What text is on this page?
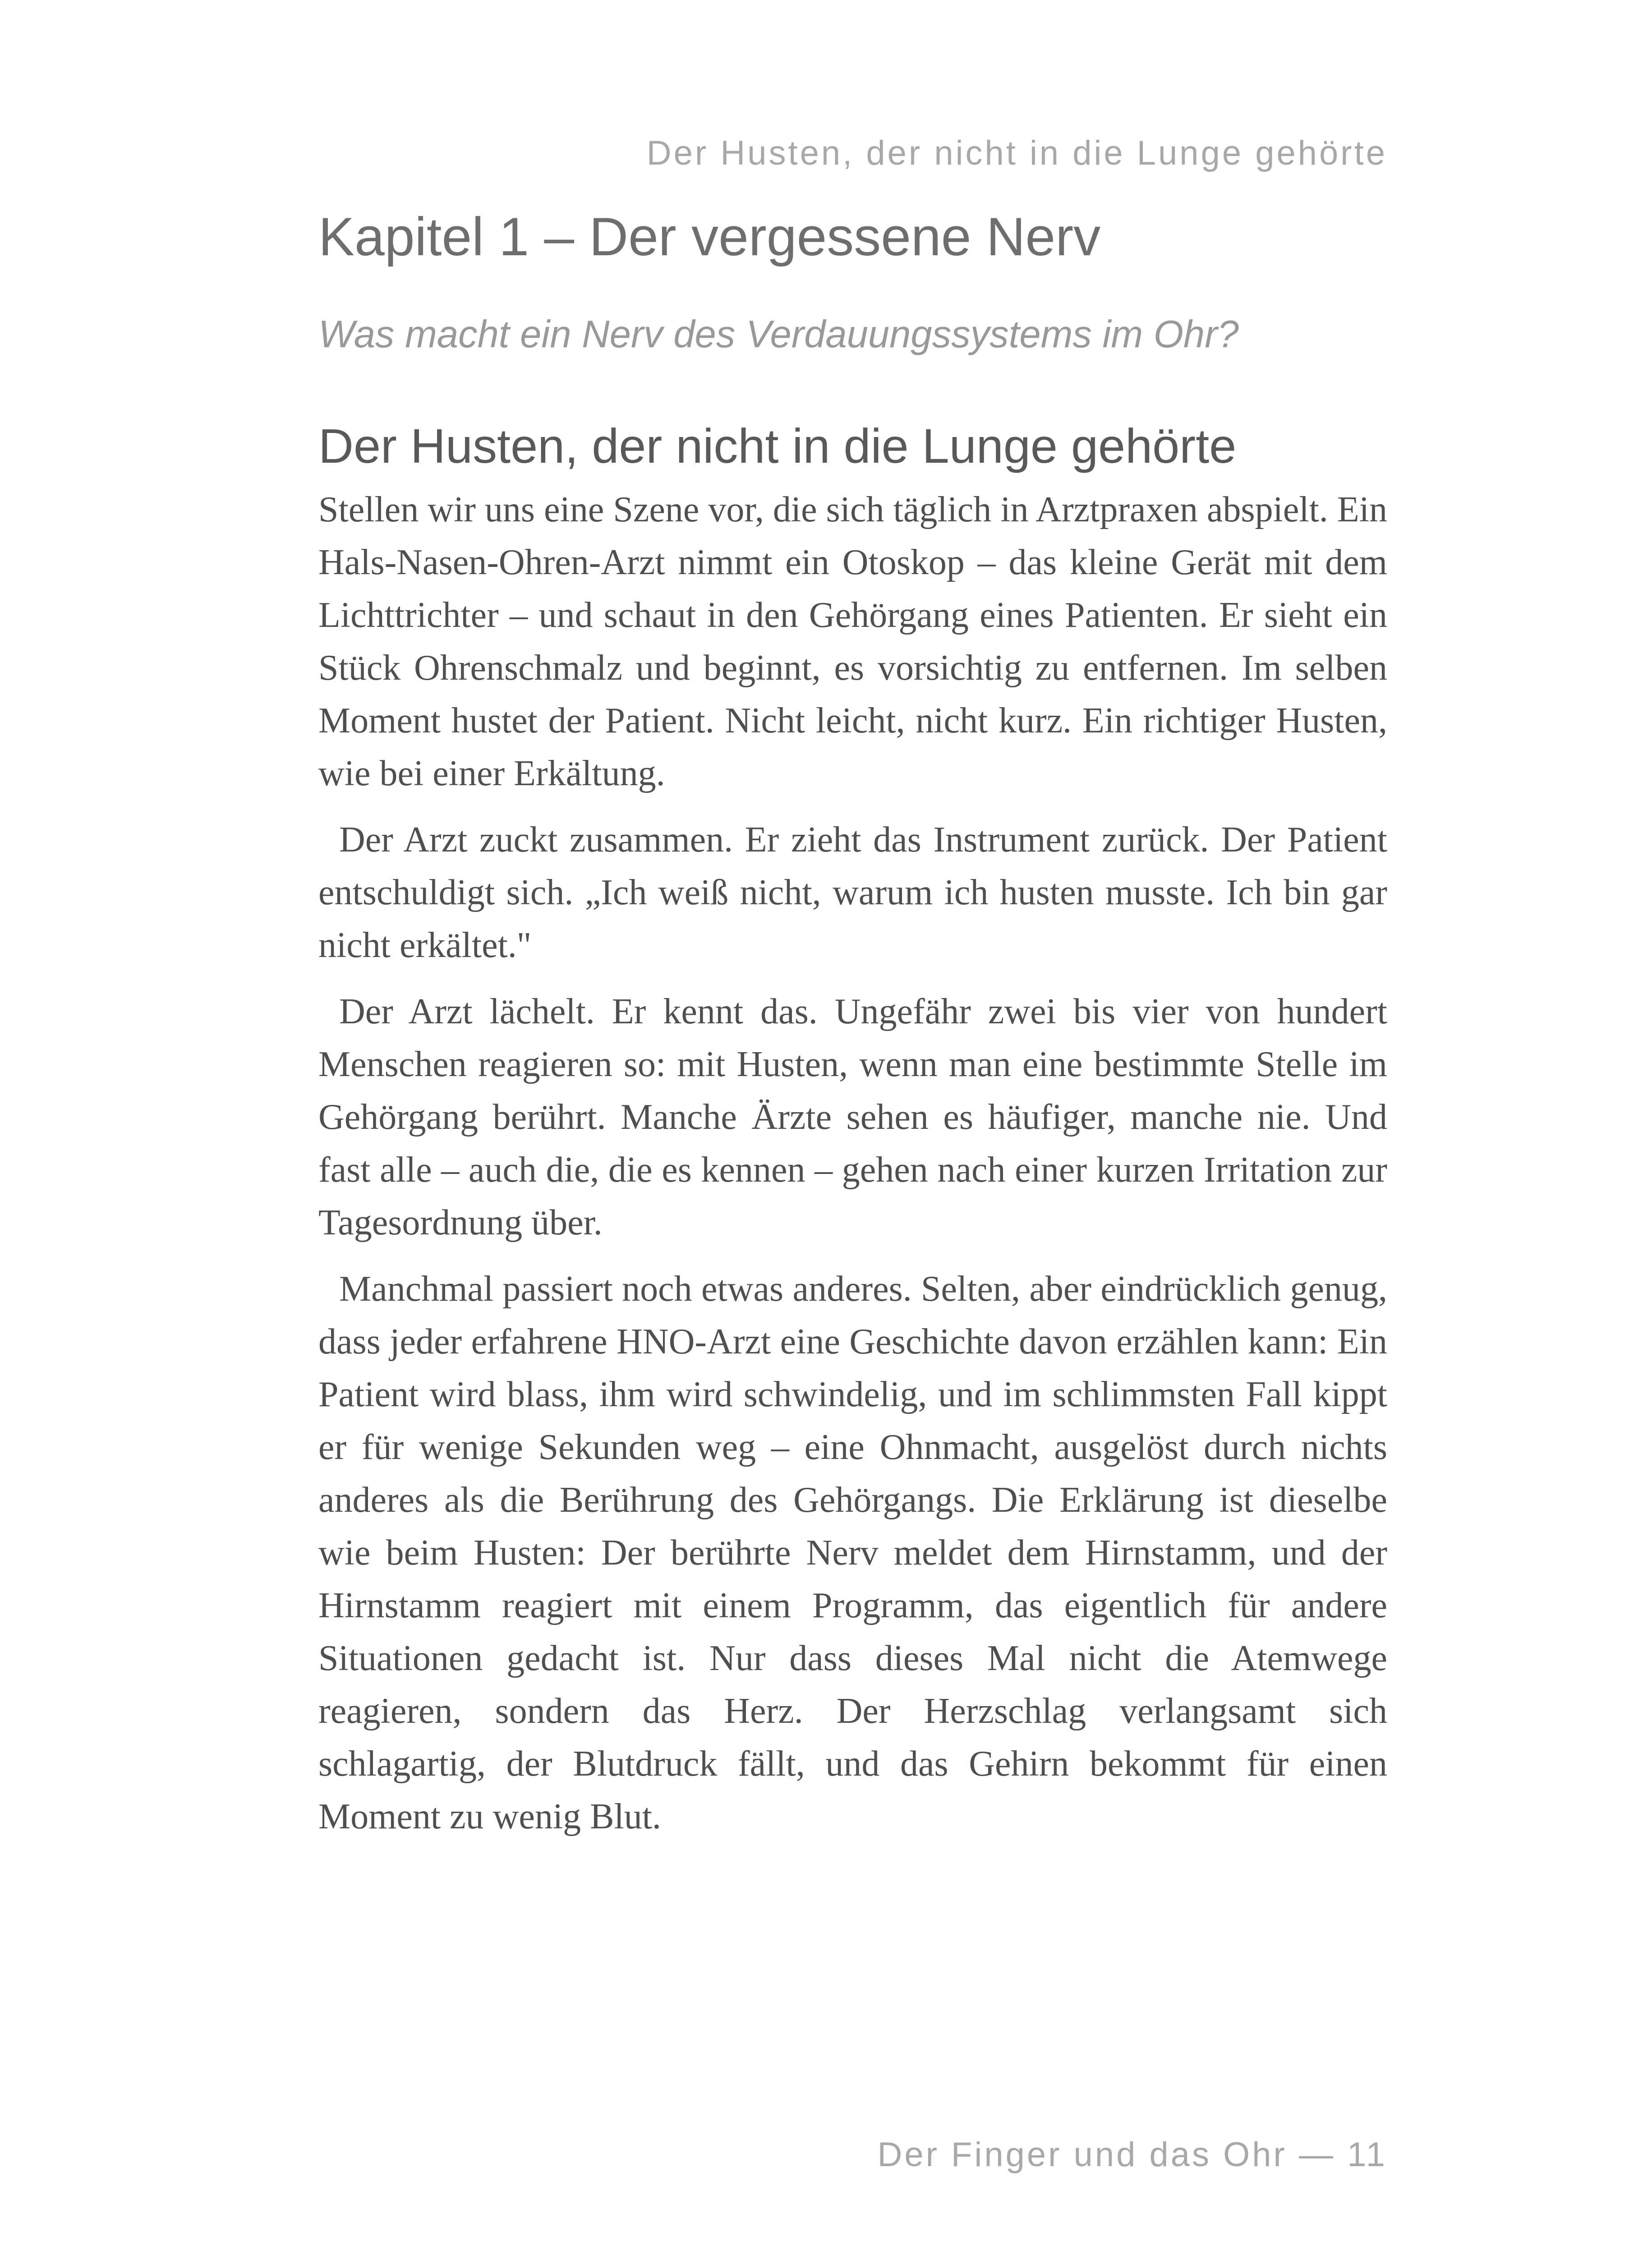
Der Husten, der nicht in die Lunge gehörte
Kapitel 1 – Der vergessene Nerv
Was macht ein Nerv des Verdauungssystems im Ohr?
Der Husten, der nicht in die Lunge gehörte

Stellen wir uns eine Szene vor, die sich täglich in Arztpraxen abspielt. Ein Hals-Nasen-Ohren-Arzt nimmt ein Otoskop – das kleine Gerät mit dem Lichttrichter – und schaut in den Gehörgang eines Patienten. Er sieht ein Stück Ohrenschmalz und beginnt, es vorsichtig zu entfernen. Im selben Moment hustet der Patient. Nicht leicht, nicht kurz. Ein richtiger Husten, wie bei einer Erkältung.

Der Arzt zuckt zusammen. Er zieht das Instrument zurück. Der Patient entschuldigt sich. „Ich weiß nicht, warum ich husten musste. Ich bin gar nicht erkältet."

Der Arzt lächelt. Er kennt das. Ungefähr zwei bis vier von hundert Menschen reagieren so: mit Husten, wenn man eine bestimmte Stelle im Gehörgang berührt. Manche Ärzte sehen es häufiger, manche nie. Und fast alle – auch die, die es kennen – gehen nach einer kurzen Irritation zur Tagesordnung über.

Manchmal passiert noch etwas anderes. Selten, aber eindrücklich genug, dass jeder erfahrene HNO-Arzt eine Geschichte davon erzählen kann: Ein Patient wird blass, ihm wird schwindelig, und im schlimmsten Fall kippt er für wenige Sekunden weg – eine Ohnmacht, ausgelöst durch nichts anderes als die Berührung des Gehörgangs. Die Erklärung ist dieselbe wie beim Husten: Der berührte Nerv meldet dem Hirnstamm, und der Hirnstamm reagiert mit einem Programm, das eigentlich für andere Situationen gedacht ist. Nur dass dieses Mal nicht die Atemwege reagieren, sondern das Herz. Der Herzschlag verlangsamt sich schlagartig, der Blutdruck fällt, und das Gehirn bekommt für einen Moment zu wenig Blut.

Der Finger und das Ohr — 11
